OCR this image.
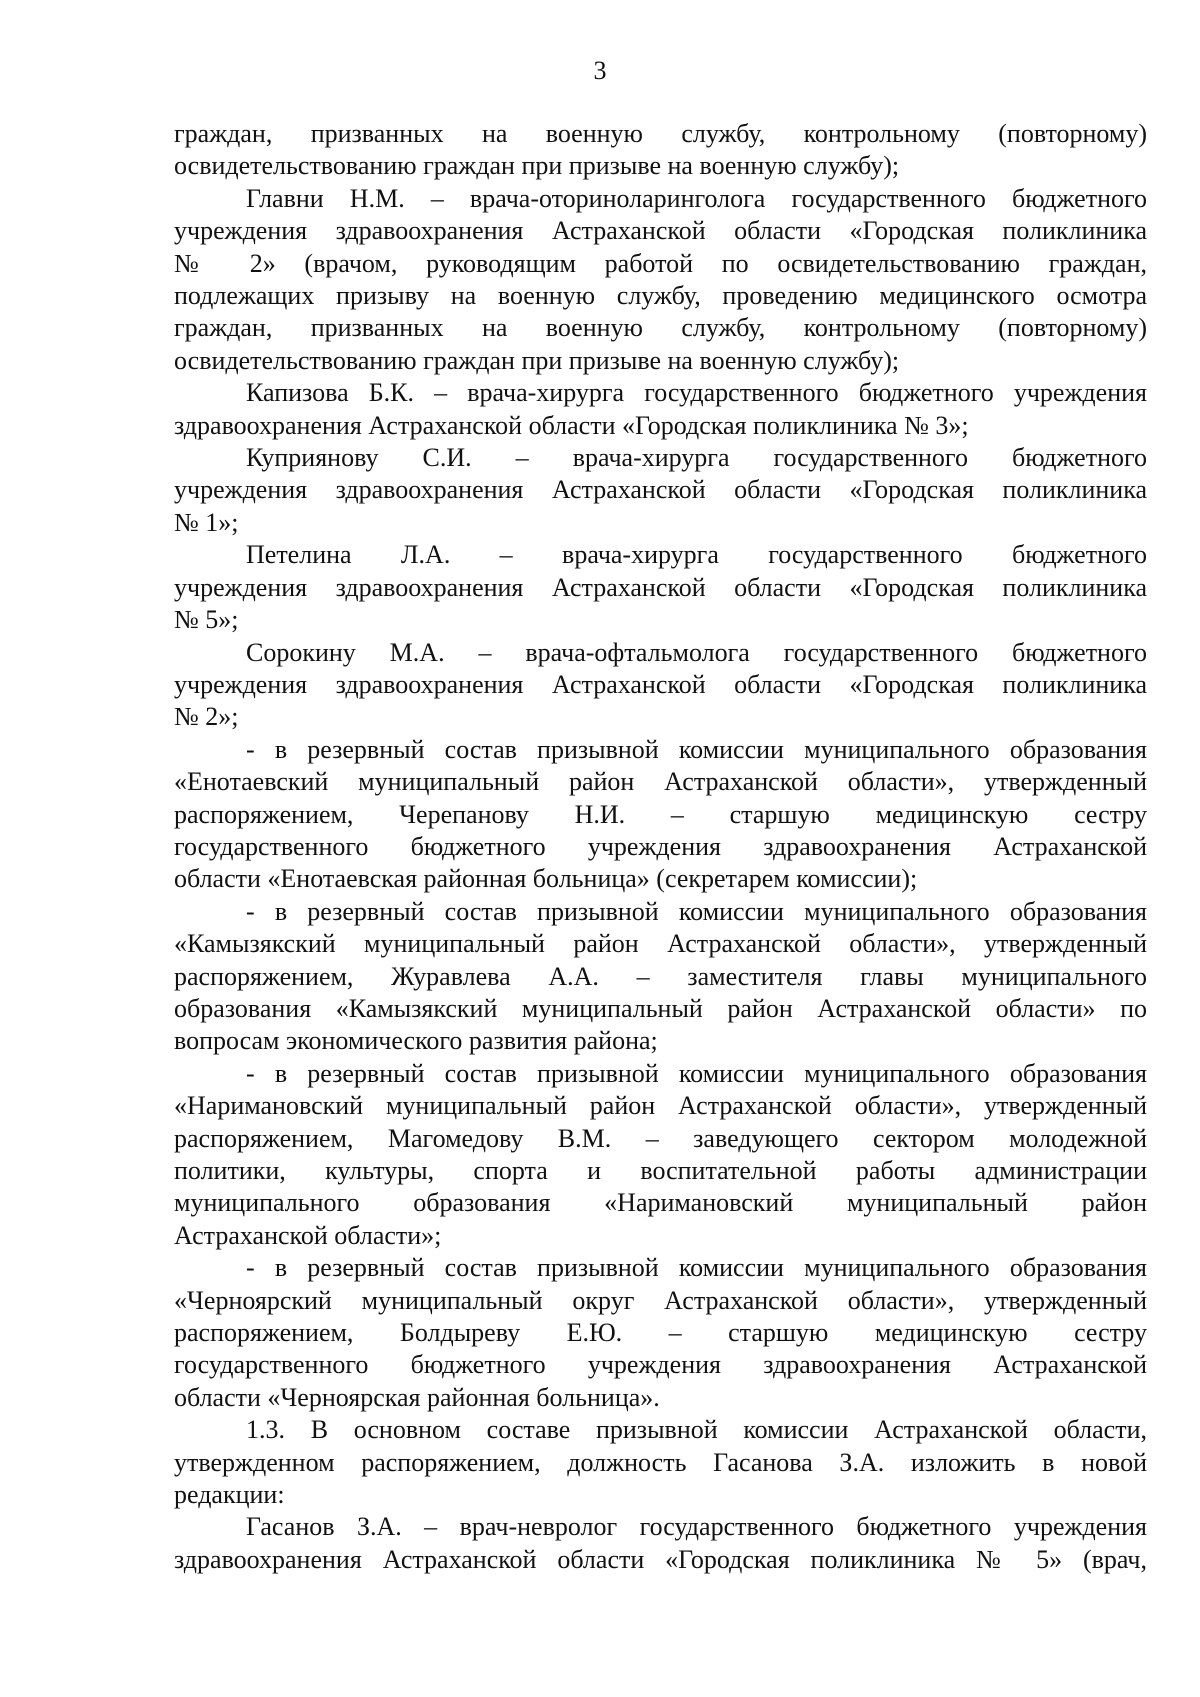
3
граждан, призванных на военную службу, контрольному (повторному)
освидетельствованию граждан при призыве на военную службу);
Главни Н.М. – врача-оториноларинголога государственного бюджетного
учреждения здравоохранения Астраханской области «Городская поликлиника
№ 2» (врачом, руководящим работой по освидетельствованию граждан,
подлежащих призыву на военную службу, проведению медицинского осмотра
граждан, призванных на военную службу, контрольному (повторному)
освидетельствованию граждан при призыве на военную службу);
Капизова Б.К. – врача-хирурга государственного бюджетного учреждения
здравоохранения Астраханской области «Городская поликлиника № 3»;
Куприянову С.И. – врача-хирурга государственного бюджетного
учреждения здравоохранения Астраханской области «Городская поликлиника
№ 1»;
Петелина Л.А. – врача-хирурга государственного бюджетного
учреждения здравоохранения Астраханской области «Городская поликлиника
№ 5»;
Сорокину М.А. – врача-офтальмолога государственного бюджетного
учреждения здравоохранения Астраханской области «Городская поликлиника
№ 2»;
- в резервный состав призывной комиссии муниципального образования
«Енотаевский муниципальный район Астраханской области», утвержденный
распоряжением, Черепанову Н.И. – старшую медицинскую сестру
государственного бюджетного учреждения здравоохранения Астраханской
области «Енотаевская районная больница» (секретарем комиссии);
- в резервный состав призывной комиссии муниципального образования
«Камызякский муниципальный район Астраханской области», утвержденный
распоряжением, Журавлева А.А. – заместителя главы муниципального
образования «Камызякский муниципальный район Астраханской области» по
вопросам экономического развития района;
- в резервный состав призывной комиссии муниципального образования
«Наримановский муниципальный район Астраханской области», утвержденный
распоряжением, Магомедову В.М. – заведующего сектором молодежной
политики, культуры, спорта и воспитательной работы администрации
муниципального образования «Наримановский муниципальный район
Астраханской области»;
- в резервный состав призывной комиссии муниципального образования
«Черноярский муниципальный округ Астраханской области», утвержденный
распоряжением, Болдыреву Е.Ю. – старшую медицинскую сестру
государственного бюджетного учреждения здравоохранения Астраханской
области «Черноярская районная больница».
1.3. В основном составе призывной комиссии Астраханской области,
утвержденном распоряжением, должность Гасанова З.А. изложить в новой
редакции:
Гасанов З.А. – врач-невролог государственного бюджетного учреждения
здравоохранения Астраханской области «Городская поликлиника № 5» (врач,
